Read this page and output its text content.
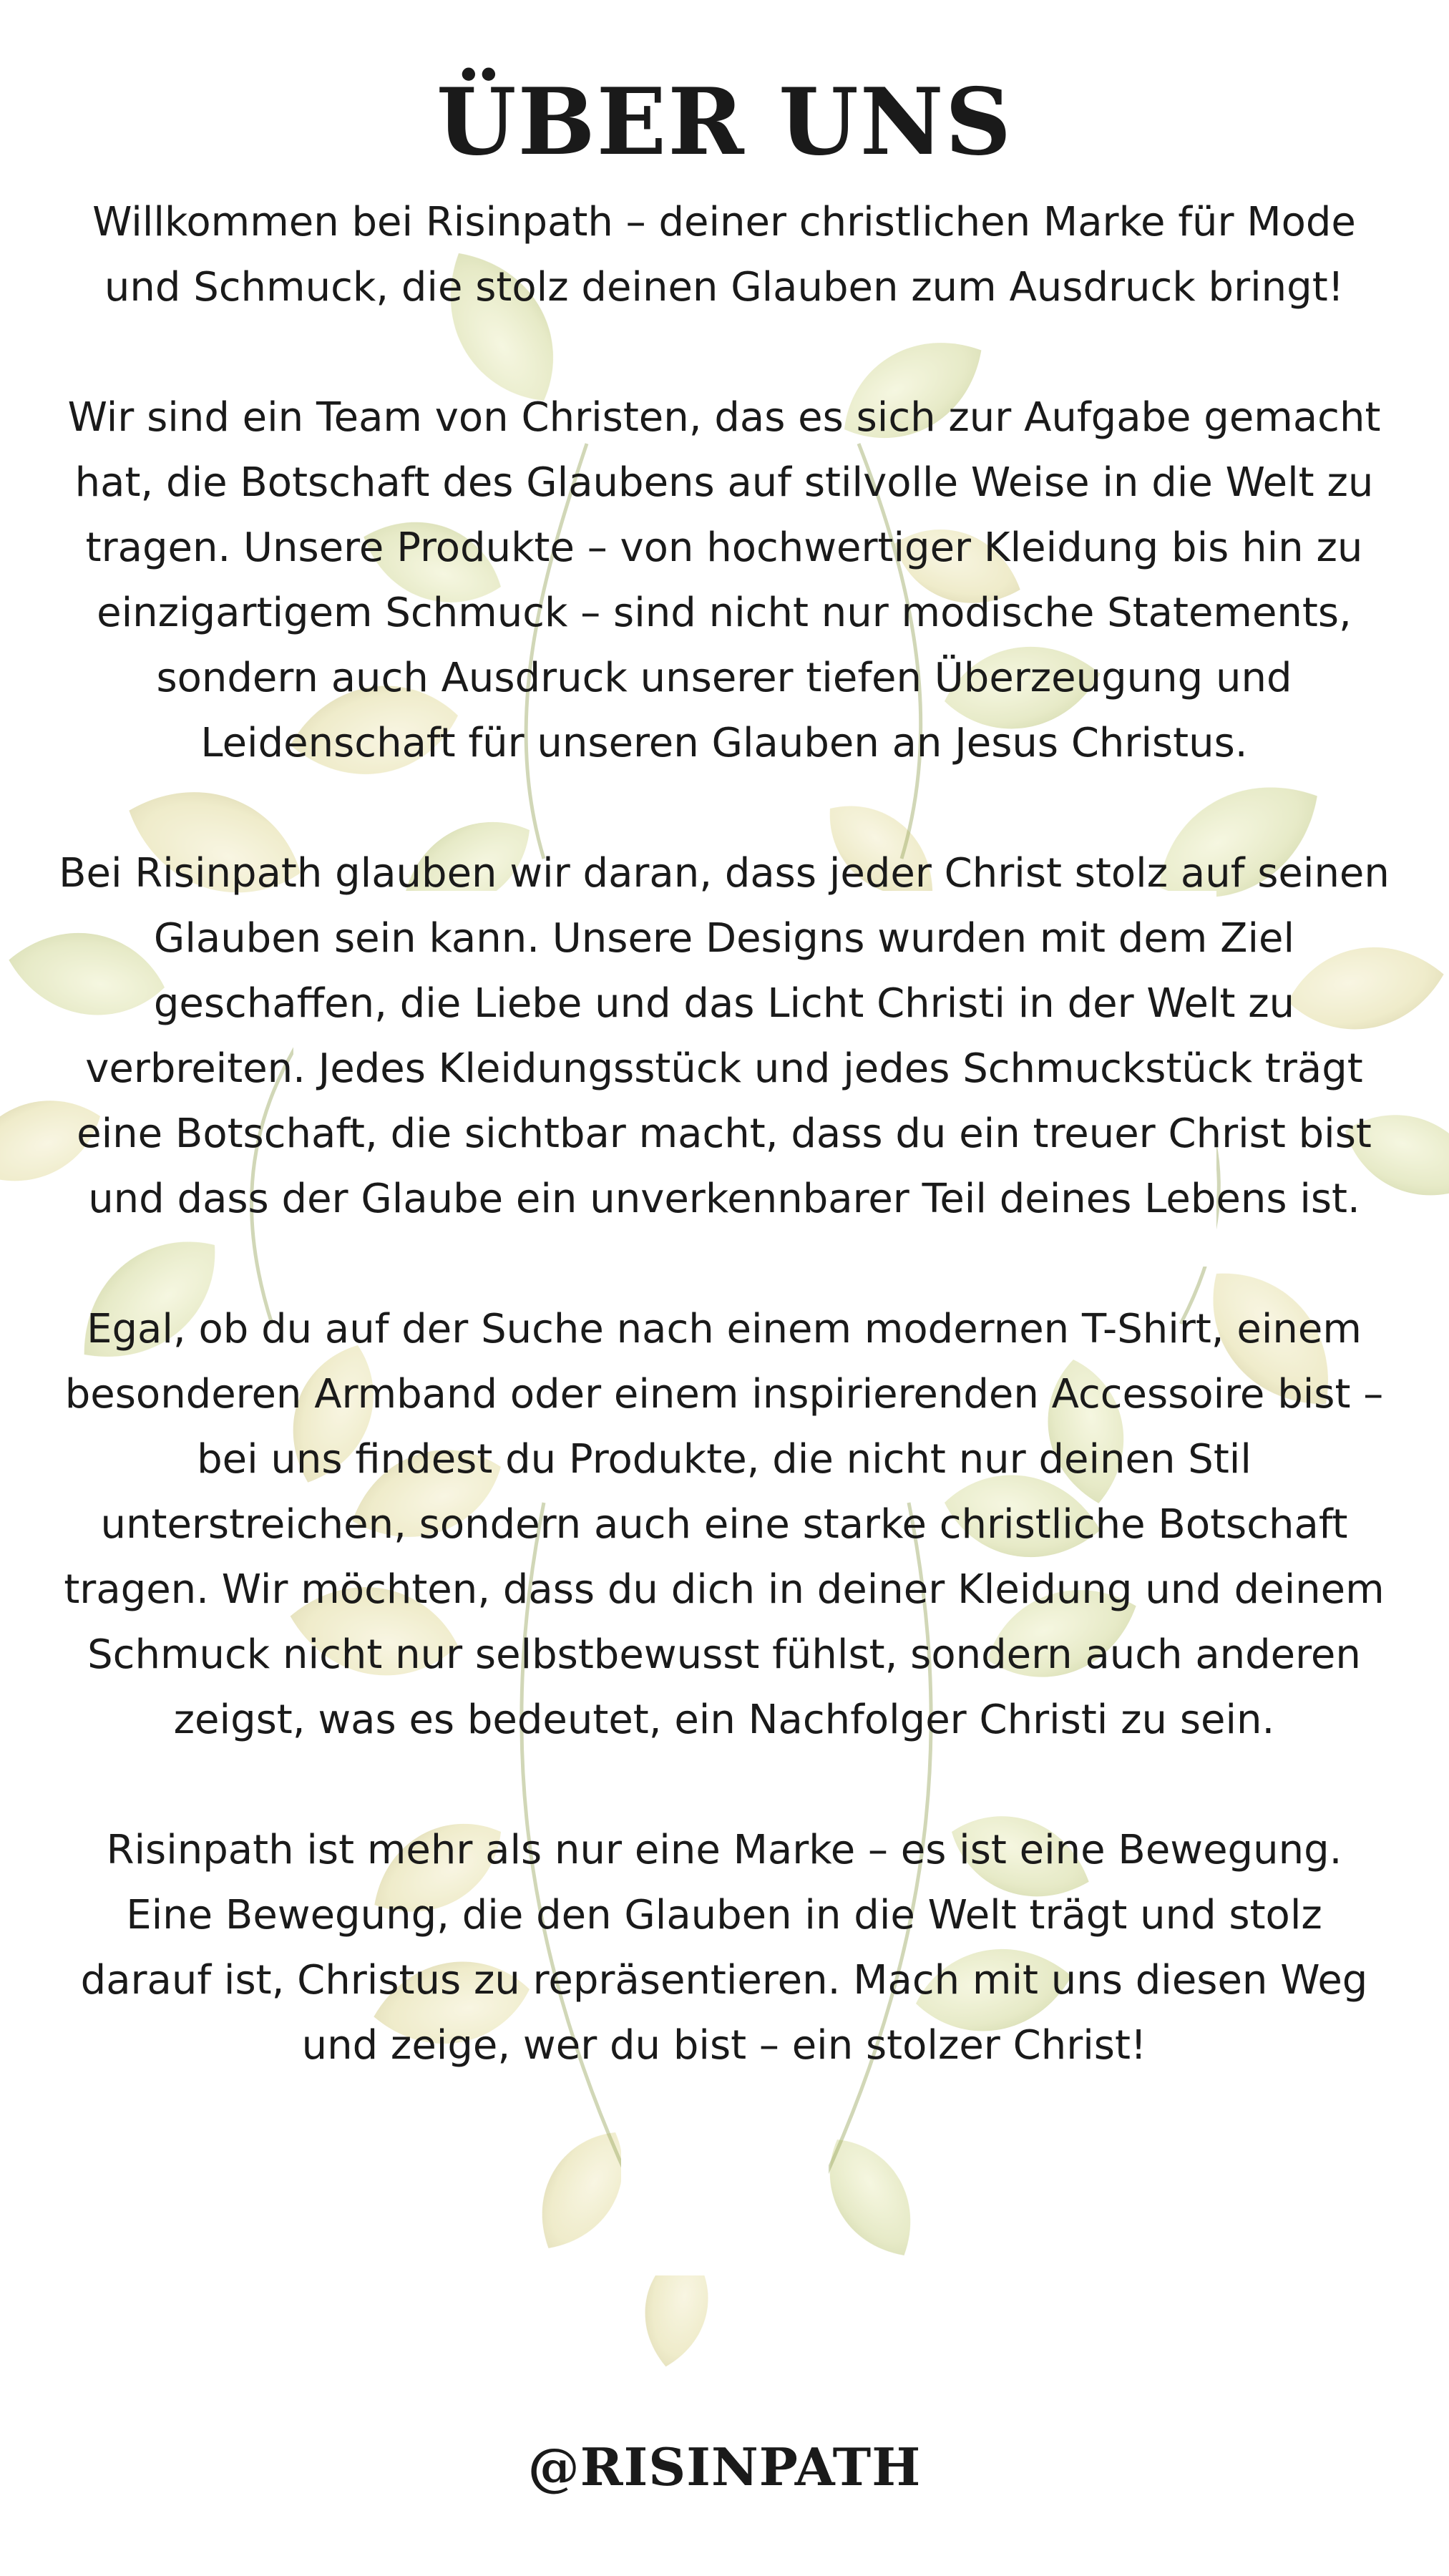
ÜBER UNS

Willkommen bei Risinpath – deiner christlichen Marke für Mode und Schmuck, die stolz deinen Glauben zum Ausdruck bringt!

Wir sind ein Team von Christen, das es sich zur Aufgabe gemacht hat, die Botschaft des Glaubens auf stilvolle Weise in die Welt zu tragen. Unsere Produkte – von hochwertiger Kleidung bis hin zu einzigartigem Schmuck – sind nicht nur modische Statements, sondern auch Ausdruck unserer tiefen Überzeugung und Leidenschaft für unseren Glauben an Jesus Christus.

Bei Risinpath glauben wir daran, dass jeder Christ stolz auf seinen Glauben sein kann. Unsere Designs wurden mit dem Ziel geschaffen, die Liebe und das Licht Christi in der Welt zu verbreiten. Jedes Kleidungsstück und jedes Schmuckstück trägt eine Botschaft, die sichtbar macht, dass du ein treuer Christ bist und dass der Glaube ein unverkennbarer Teil deines Lebens ist.

Egal, ob du auf der Suche nach einem modernen T-Shirt, einem besonderen Armband oder einem inspirierenden Accessoire bist – bei uns findest du Produkte, die nicht nur deinen Stil unterstreichen, sondern auch eine starke christliche Botschaft tragen. Wir möchten, dass du dich in deiner Kleidung und deinem Schmuck nicht nur selbstbewusst fühlst, sondern auch anderen zeigst, was es bedeutet, ein Nachfolger Christi zu sein.

Risinpath ist mehr als nur eine Marke – es ist eine Bewegung. Eine Bewegung, die den Glauben in die Welt trägt und stolz darauf ist, Christus zu repräsentieren. Mach mit uns diesen Weg und zeige, wer du bist – ein stolzer Christ!

@RISINPATH
